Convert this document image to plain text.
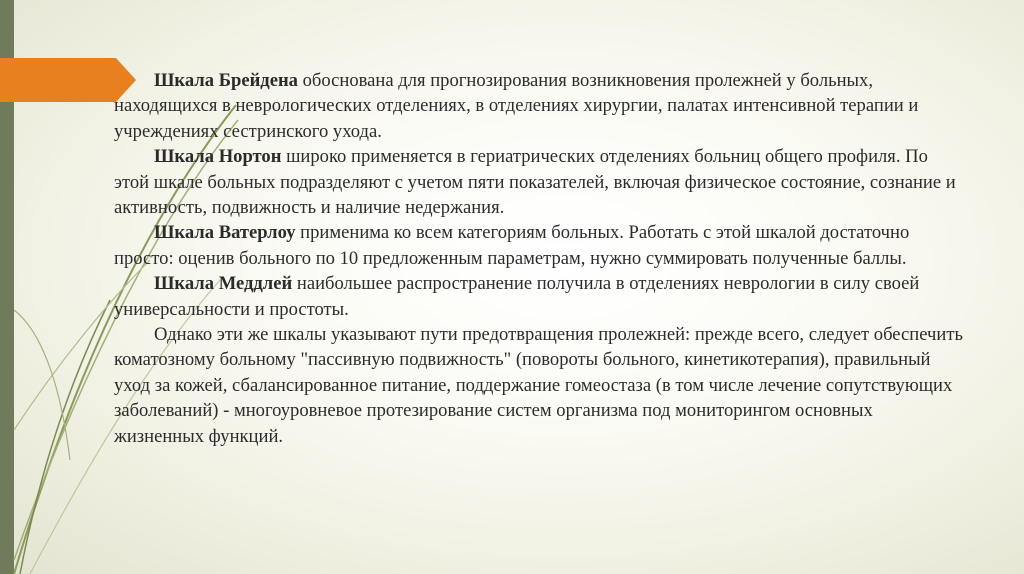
Шкала Брейдена обоснована для прогнозирования возникновения пролежней у больных, находящихся в неврологических отделениях, в отделениях хирургии, палатах интенсивной терапии и учреждениях сестринского ухода.

Шкала Нортон широко применяется в гериатрических отделениях больниц общего профиля. По этой шкале больных подразделяют с учетом пяти показателей, включая физическое состояние, сознание и активность, подвижность и наличие недержания.

Шкала Ватерлоу применима ко всем категориям больных. Работать с этой шкалой достаточно просто: оценив больного по 10 предложенным параметрам, нужно суммировать полученные баллы.

Шкала Меддлей наибольшее распространение получила в отделениях неврологии в силу своей универсальности и простоты.

Однако эти же шкалы указывают пути предотвращения пролежней: прежде всего, следует обеспечить коматозному больному "пассивную подвижность" (повороты больного, кинетикотерапия), правильный уход за кожей, сбалансированное питание, поддержание гомеостаза (в том числе лечение сопутствующих заболеваний) - многоуровневое протезирование систем организма под мониторингом основных жизненных функций.
